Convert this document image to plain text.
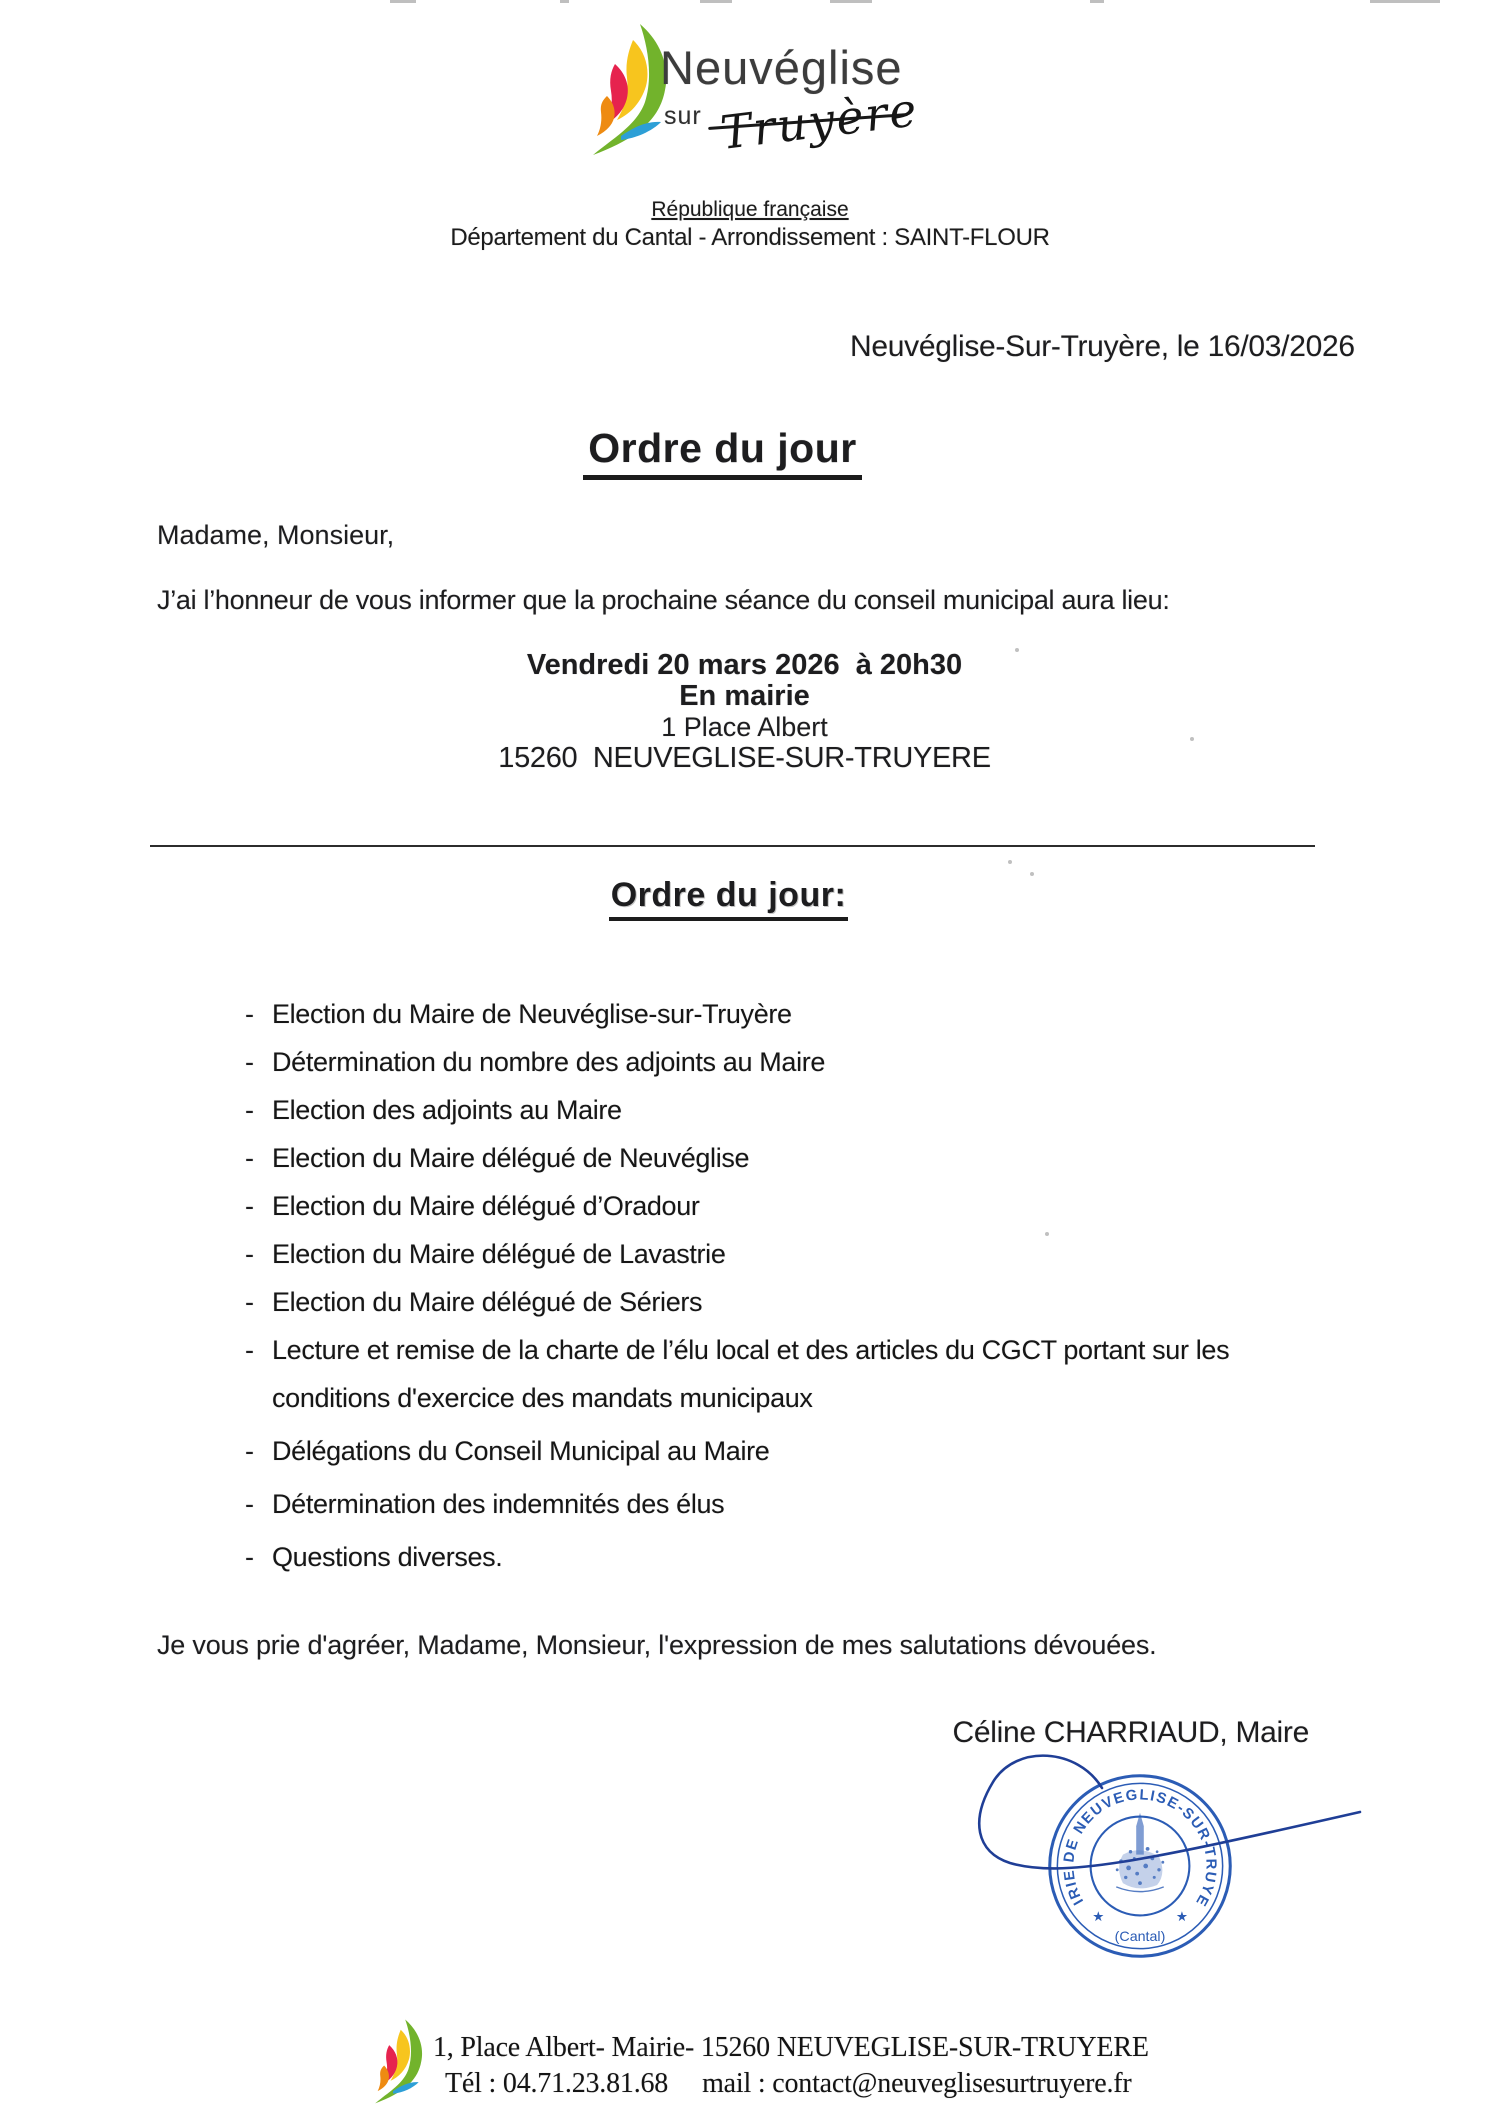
Neuvéglise
sur Truyère
République française
Département du Cantal - Arrondissement : SAINT-FLOUR
Neuvéglise-Sur-Truyère, le 16/03/2026
Ordre du jour
Madame, Monsieur,
J’ai l’honneur de vous informer que la prochaine séance du conseil municipal aura lieu:
Vendredi 20 mars 2026  à 20h30
En mairie
1 Place Albert
15260  NEUVEGLISE-SUR-TRUYERE
Ordre du jour:
- Election du Maire de Neuvéglise-sur-Truyère
- Détermination du nombre des adjoints au Maire
- Election des adjoints au Maire
- Election du Maire délégué de Neuvéglise
- Election du Maire délégué d’Oradour
- Election du Maire délégué de Lavastrie
- Election du Maire délégué de Sériers
- Lecture et remise de la charte de l’élu local et des articles du CGCT portant sur les conditions d'exercice des mandats municipaux
- Délégations du Conseil Municipal au Maire
- Détermination des indemnités des élus
- Questions diverses.
Je vous prie d'agréer, Madame, Monsieur, l'expression de mes salutations dévouées.
Céline CHARRIAUD, Maire
MAIRIE DE NEUVEGLISE-SUR-TRUYERE
★	★
(Cantal)
1, Place Albert- Mairie- 15260 NEUVEGLISE-SUR-TRUYERE
Tél : 04.71.23.81.68 mail : contact@neuveglisesurtruyere.fr
